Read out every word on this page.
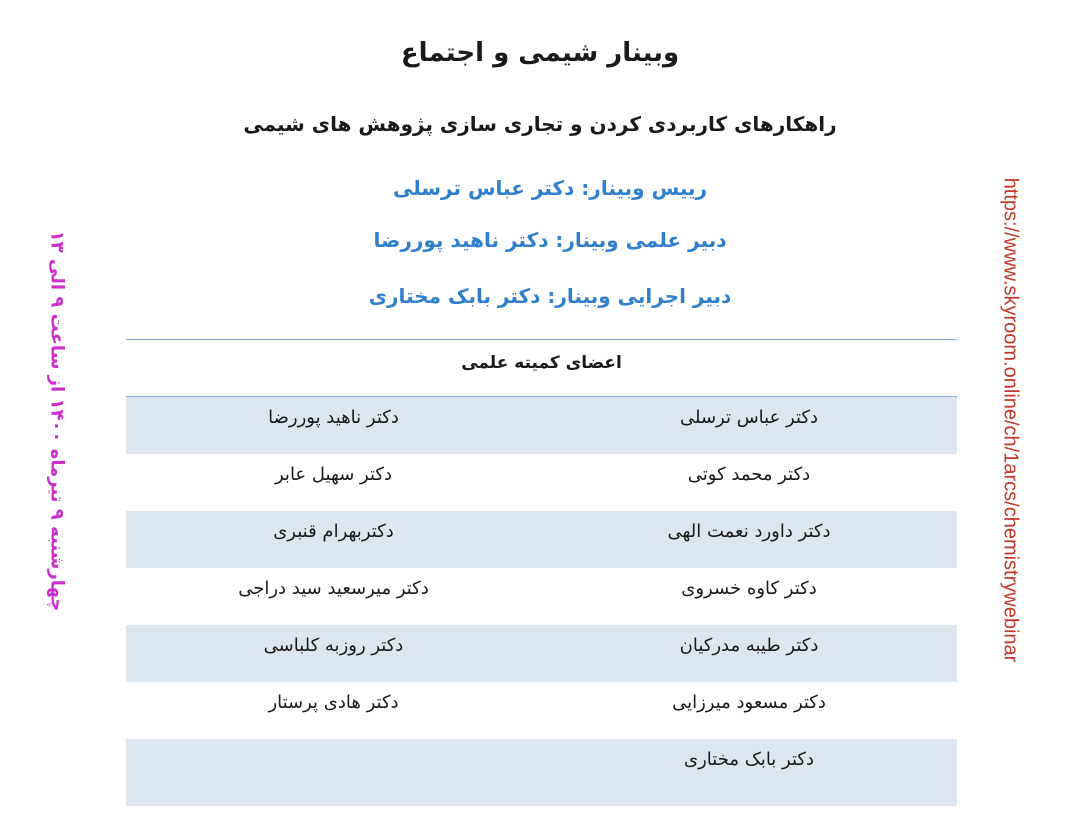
وبینار شیمی و اجتماع
راهکارهای کاربردی کردن و تجاری سازی پژوهش های شیمی
رییس وبینار: دکتر عباس ترسلی
دبیر علمی وبینار: دکتر ناهید پوررضا
دبیر اجرایی وبینار: دکتر بابک مختاری
چهارشنبه ۹ تیرماه ۱۴۰۰ از ساعت ۹ الی ۱۳	https://www.skyroom.online/ch/1arcs/chemistrywebinar
اعضای کمیته علمی
دکتر عباس ترسلی
دکتر ناهید پوررضا
دکتر محمد کوتی
دکتر سهیل عابر
دکتر داورد نعمت الهی
دکتربهرام قنبری
دکتر کاوه خسروی
دکتر میرسعید سید دراجی
دکتر طیبه مدرکیان
دکتر روزبه کلباسی
دکتر مسعود میرزایی
دکتر هادی پرستار
دکتر بابک مختاری
